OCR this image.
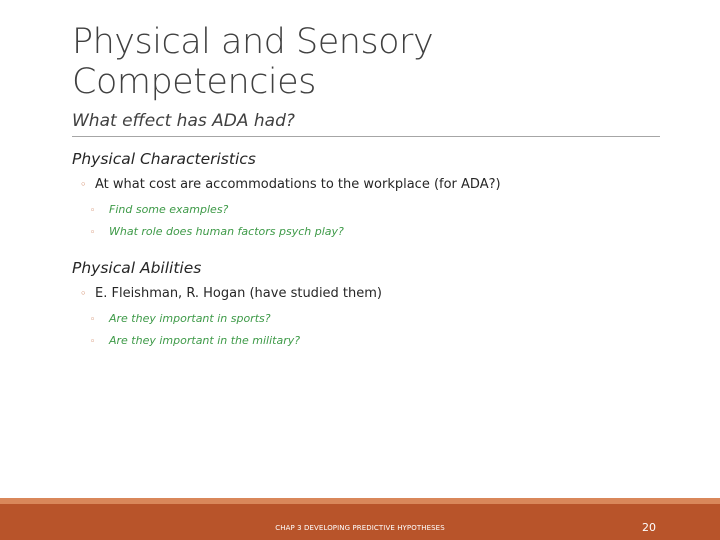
Physical and Sensory Competencies

What effect has ADA had?

Physical Characteristics

◦ At what cost are accommodations to the workplace (for ADA?)
◦	Find some examples?
◦	What role does human factors psych play?

Physical Abilities

◦ E. Fleishman, R. Hogan (have studied them)
◦	Are they important in sports?
◦	Are they important in the military?
CHAP 3 DEVELOPING PREDICTIVE HYPOTHESES	20
